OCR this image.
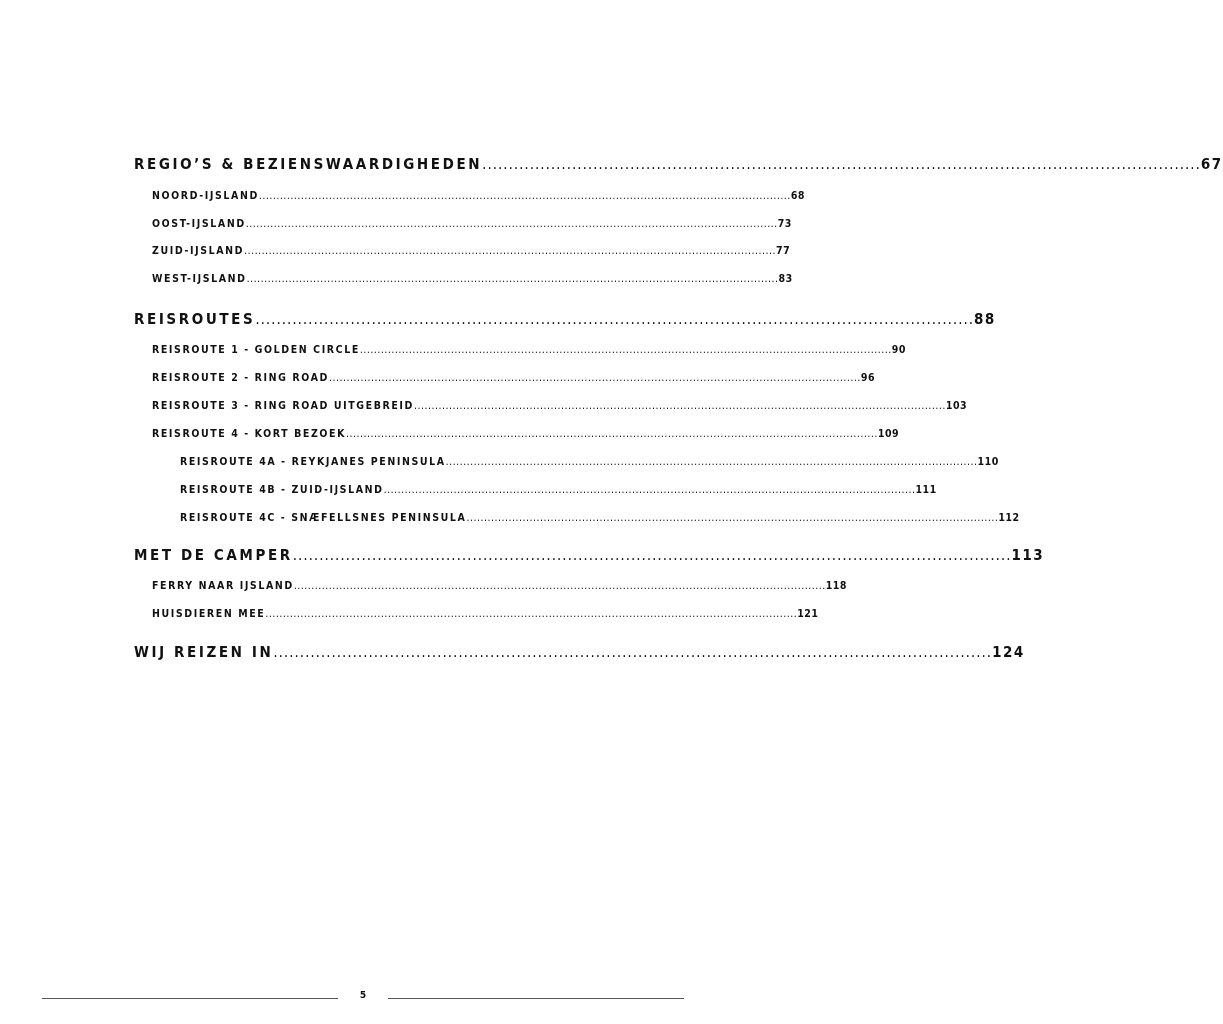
REGIO’S & BEZIENSWAARDIGHEDEN ........................................................................................................................................ 67
NOORD-IJSLAND ........................................................................................................................................................ 68
OOST-IJSLAND ........................................................................................................................................................ 73
ZUID-IJSLAND ........................................................................................................................................................ 77
WEST-IJSLAND ........................................................................................................................................................ 83
REISROUTES ........................................................................................................................................ 88
REISROUTE 1 - GOLDEN CIRCLE ........................................................................................................................................................ 90
REISROUTE 2 - RING ROAD ........................................................................................................................................................ 96
REISROUTE 3 - RING ROAD UITGEBREID ........................................................................................................................................................ 103
REISROUTE 4 - KORT BEZOEK ........................................................................................................................................................ 109
REISROUTE 4A - REYKJANES PENINSULA ........................................................................................................................................................ 110
REISROUTE 4B - ZUID-IJSLAND ........................................................................................................................................................ 111
REISROUTE 4C - SNÆFELLSNES PENINSULA ........................................................................................................................................................ 112
MET DE CAMPER ........................................................................................................................................ 113
FERRY NAAR IJSLAND ........................................................................................................................................................ 118
HUISDIEREN MEE ........................................................................................................................................................ 121
WIJ REIZEN IN ........................................................................................................................................ 124
5
